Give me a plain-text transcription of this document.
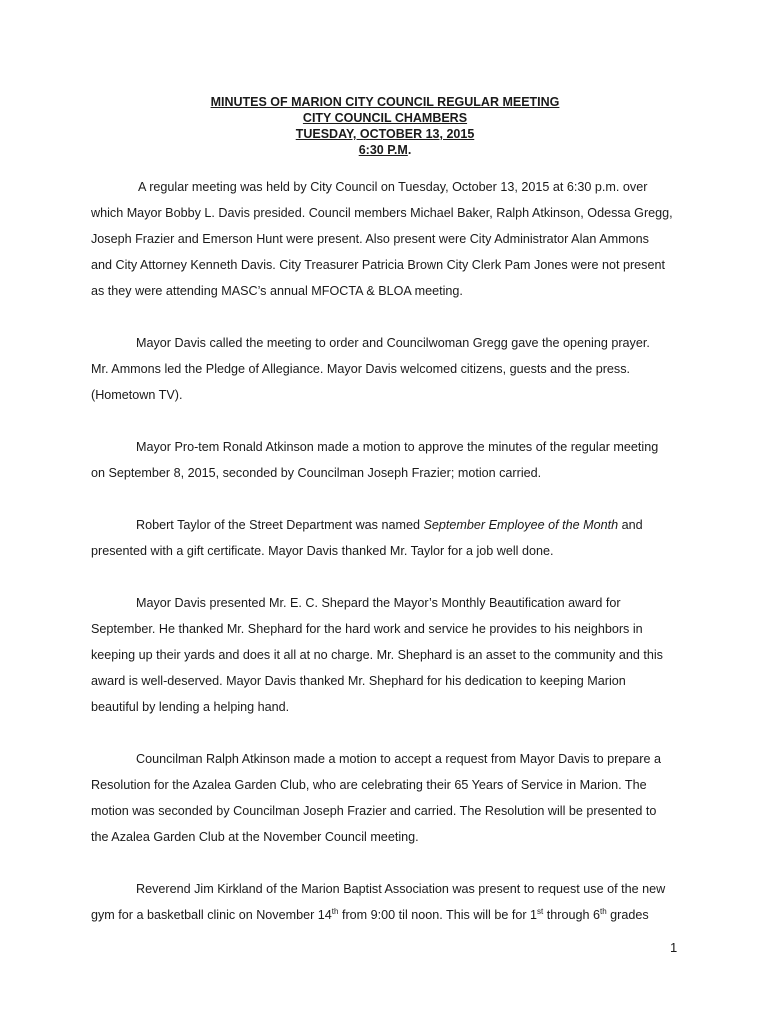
MINUTES OF MARION CITY COUNCIL REGULAR MEETING
CITY COUNCIL CHAMBERS
TUESDAY, OCTOBER 13, 2015
6:30 P.M.
A regular meeting was held by City Council on Tuesday, October 13, 2015 at 6:30 p.m. over
which Mayor Bobby L. Davis presided. Council members Michael Baker, Ralph Atkinson, Odessa Gregg,
Joseph Frazier and Emerson Hunt were present. Also present were City Administrator Alan Ammons
and City Attorney Kenneth Davis. City Treasurer Patricia Brown City Clerk Pam Jones were not present
as they were attending MASC’s annual MFOCTA & BLOA meeting.
Mayor Davis called the meeting to order and Councilwoman Gregg gave the opening prayer.
Mr. Ammons led the Pledge of Allegiance. Mayor Davis welcomed citizens, guests and the press.
(Hometown TV).
Mayor Pro-tem Ronald Atkinson made a motion to approve the minutes of the regular meeting
on September 8, 2015, seconded by Councilman Joseph Frazier; motion carried.
Robert Taylor of the Street Department was named September Employee of the Month and
presented with a gift certificate. Mayor Davis thanked Mr. Taylor for a job well done.
Mayor Davis presented Mr. E. C. Shepard the Mayor’s Monthly Beautification award for
September. He thanked Mr. Shephard for the hard work and service he provides to his neighbors in
keeping up their yards and does it all at no charge. Mr. Shephard is an asset to the community and this
award is well-deserved. Mayor Davis thanked Mr. Shephard for his dedication to keeping Marion
beautiful by lending a helping hand.
Councilman Ralph Atkinson made a motion to accept a request from Mayor Davis to prepare a
Resolution for the Azalea Garden Club, who are celebrating their 65 Years of Service in Marion. The
motion was seconded by Councilman Joseph Frazier and carried. The Resolution will be presented to
the Azalea Garden Club at the November Council meeting.
Reverend Jim Kirkland of the Marion Baptist Association was present to request use of the new
gym for a basketball clinic on November 14th from 9:00 til noon. This will be for 1st through 6th grades
1
